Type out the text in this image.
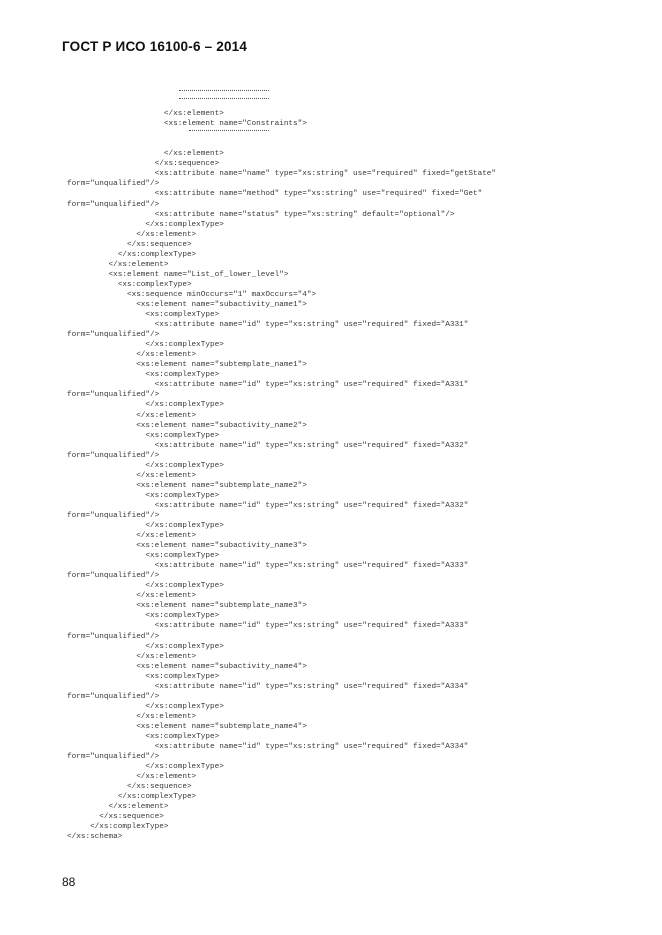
ГОСТ Р ИСО 16100-6 – 2014
</xs:element>
<xs:element name="Constraints">
</xs:element>
</xs:sequence>
<xs:attribute name="name" type="xs:string" use="required" fixed="getState"
form="unqualified"/>
<xs:attribute name="method" type="xs:string" use="required" fixed="Get"
form="unqualified"/>
<xs:attribute name="status" type="xs:string" default="optional"/>
</xs:complexType>
</xs:element>
</xs:sequence>
</xs:complexType>
</xs:element>
<xs:element name="List_of_lower_level">
<xs:complexType>
<xs:sequence minOccurs="1" maxOccurs="4">
<xs:element name="subactivity_name1">
<xs:complexType>
<xs:attribute name="id" type="xs:string" use="required" fixed="A331"
form="unqualified"/>
</xs:complexType>
</xs:element>
<xs:element name="subtemplate_name1">
<xs:complexType>
<xs:attribute name="id" type="xs:string" use="required" fixed="A331"
form="unqualified"/>
</xs:complexType>
</xs:element>
<xs:element name="subactivity_name2">
<xs:complexType>
<xs:attribute name="id" type="xs:string" use="required" fixed="A332"
form="unqualified"/>
</xs:complexType>
</xs:element>
<xs:element name="subtemplate_name2">
<xs:complexType>
<xs:attribute name="id" type="xs:string" use="required" fixed="A332"
form="unqualified"/>
</xs:complexType>
</xs:element>
<xs:element name="subactivity_name3">
<xs:complexType>
<xs:attribute name="id" type="xs:string" use="required" fixed="A333"
form="unqualified"/>
</xs:complexType>
</xs:element>
<xs:element name="subtemplate_name3">
<xs:complexType>
<xs:attribute name="id" type="xs:string" use="required" fixed="A333"
form="unqualified"/>
</xs:complexType>
</xs:element>
<xs:element name="subactivity_name4">
<xs:complexType>
<xs:attribute name="id" type="xs:string" use="required" fixed="A334"
form="unqualified"/>
</xs:complexType>
</xs:element>
<xs:element name="subtemplate_name4">
<xs:complexType>
<xs:attribute name="id" type="xs:string" use="required" fixed="A334"
form="unqualified"/>
</xs:complexType>
</xs:element>
</xs:sequence>
</xs:complexType>
</xs:element>
</xs:sequence>
</xs:complexType>
</xs:schema>
88
